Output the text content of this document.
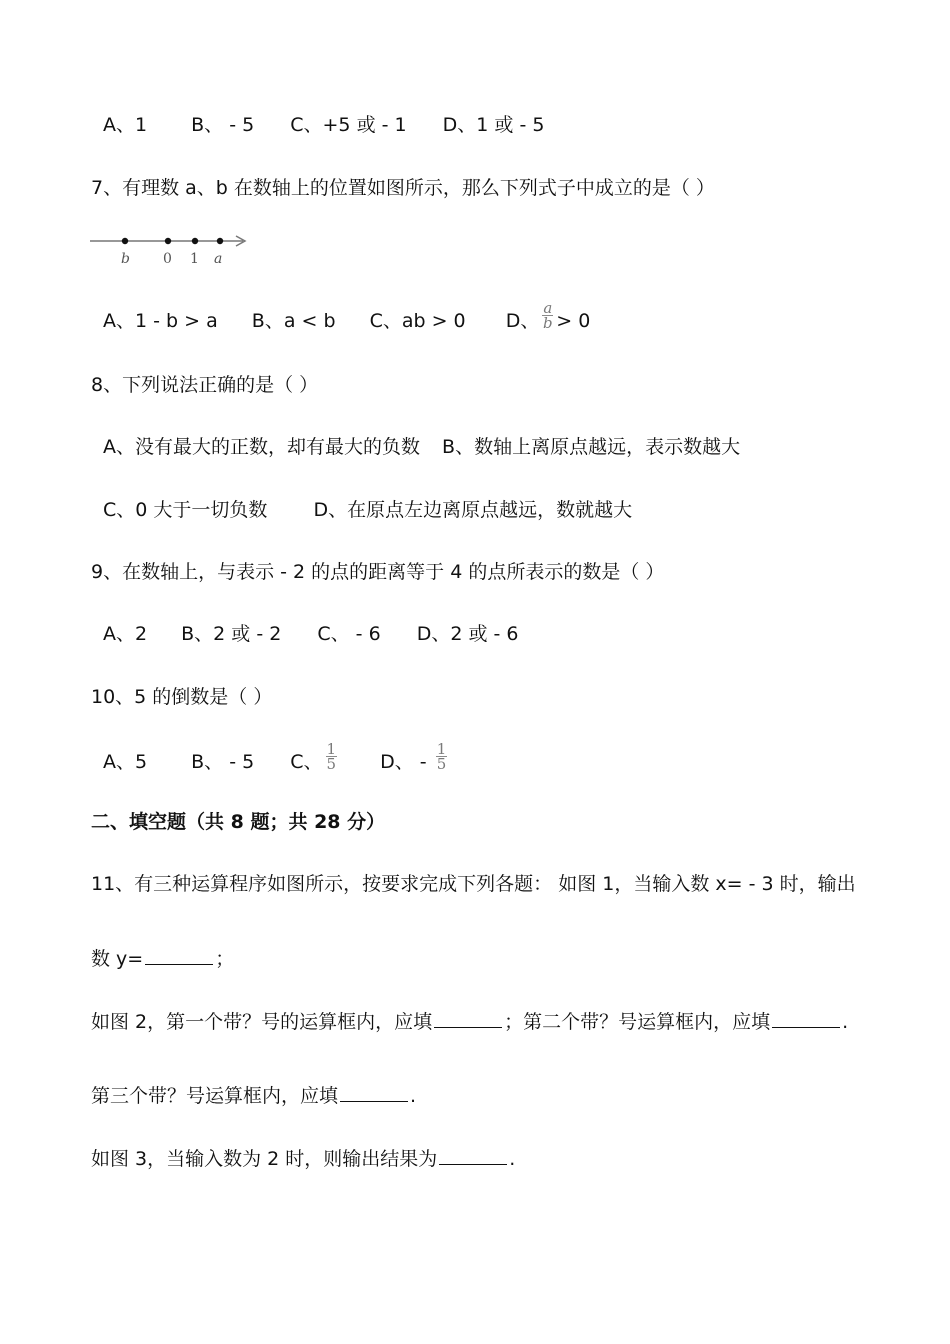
A、1 B、 - 5 C、+5 或 - 1 D、1 或 - 5
7、有理数 a、b 在数轴上的位置如图所示，那么下列式子中成立的是（ ）
b 0 1 a
A、1 - b > a B、a < b C、ab > 0 D、 $\frac{a}{b} > 0$
8、下列说法正确的是（ ）
A、没有最大的正数，却有最大的负数 B、数轴上离原点越远，表示数越大
C、0 大于一切负数 D、在原点左边离原点越远，数就越大
9、在数轴上，与表示 - 2 的点的距离等于 4 的点所表示的数是（ ）
A、2 B、2 或 - 2 C、 - 6 D、2 或 - 6
10、5 的倒数是（ ）
A、5 B、 - 5 C、 $\frac{1}{5}$ D、 - $\frac{1}{5}$
二、填空题（共 8 题；共 28 分）
11、有三种运算程序如图所示，按要求完成下列各题： 如图 1，当输入数 x= - 3 时，输出
数 y=	；
如图 2，第一个带？号的运算框内，应填	；第二个带？号运算框内，应填	.
第三个带？号运算框内，应填	.
如图 3，当输入数为 2 时，则输出结果为	.
